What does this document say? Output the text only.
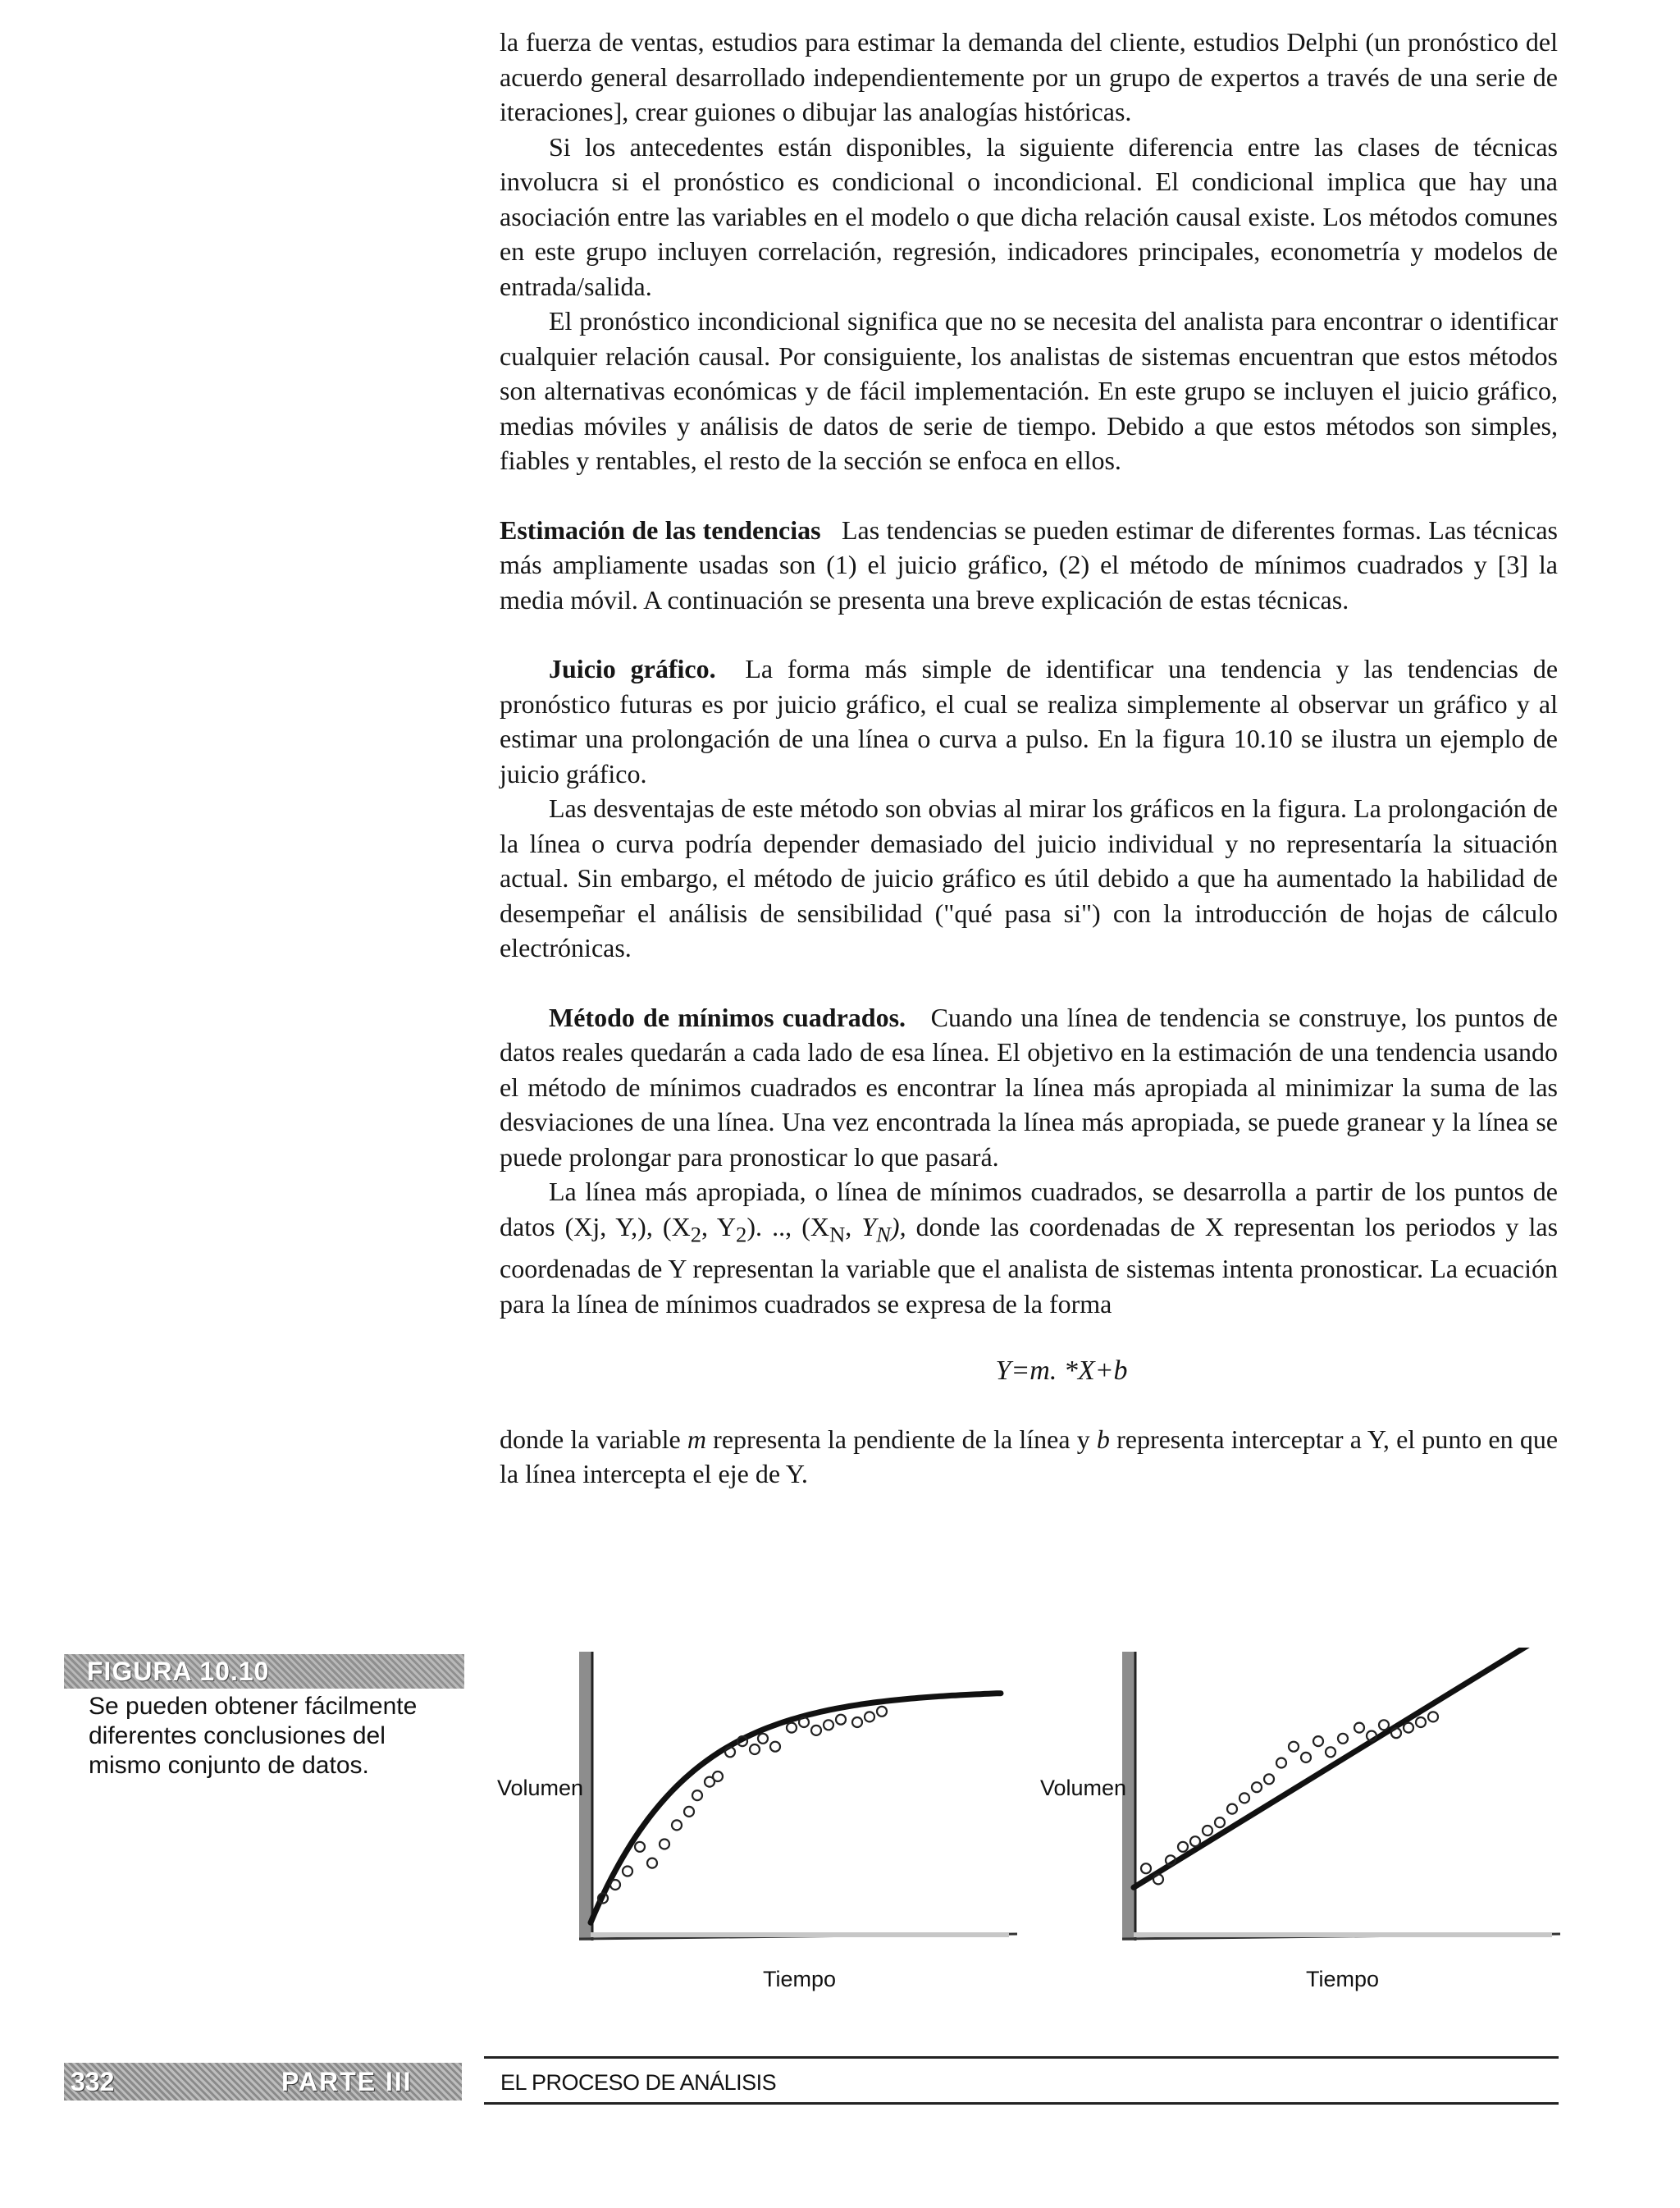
la fuerza de ventas, estudios para estimar la demanda del cliente, estudios Delphi (un pronóstico del acuerdo general desarrollado independientemente por un grupo de expertos a través de una serie de iteraciones], crear guiones o dibujar las analogías históricas.

Si los antecedentes están disponibles, la siguiente diferencia entre las clases de técnicas involucra si el pronóstico es condicional o incondicional. El condicional implica que hay una asociación entre las variables en el modelo o que dicha relación causal existe. Los métodos comunes en este grupo incluyen correlación, regresión, indicadores principales, econometría y modelos de entrada/salida.

El pronóstico incondicional significa que no se necesita del analista para encontrar o identificar cualquier relación causal. Por consiguiente, los analistas de sistemas encuentran que estos métodos son alternativas económicas y de fácil implementación. En este grupo se incluyen el juicio gráfico, medias móviles y análisis de datos de serie de tiempo. Debido a que estos métodos son simples, fiables y rentables, el resto de la sección se enfoca en ellos.

Estimación de las tendencias Las tendencias se pueden estimar de diferentes formas. Las técnicas más ampliamente usadas son (1) el juicio gráfico, (2) el método de mínimos cuadrados y [3] la media móvil. A continuación se presenta una breve explicación de estas técnicas.

Juicio gráfico. La forma más simple de identificar una tendencia y las tendencias de pronóstico futuras es por juicio gráfico, el cual se realiza simplemente al observar un gráfico y al estimar una prolongación de una línea o curva a pulso. En la figura 10.10 se ilustra un ejemplo de juicio gráfico.

Las desventajas de este método son obvias al mirar los gráficos en la figura. La prolongación de la línea o curva podría depender demasiado del juicio individual y no representaría la situación actual. Sin embargo, el método de juicio gráfico es útil debido a que ha aumentado la habilidad de desempeñar el análisis de sensibilidad ("qué pasa si") con la introducción de hojas de cálculo electrónicas.

Método de mínimos cuadrados. Cuando una línea de tendencia se construye, los puntos de datos reales quedarán a cada lado de esa línea. El objetivo en la estimación de una tendencia usando el método de mínimos cuadrados es encontrar la línea más apropiada al minimizar la suma de las desviaciones de una línea. Una vez encontrada la línea más apropiada, se puede granear y la línea se puede prolongar para pronosticar lo que pasará.

La línea más apropiada, o línea de mínimos cuadrados, se desarrolla a partir de los puntos de datos (Xj, Y,), ($X_2$, $Y_2$). .., ($X_N$, $Y_N$), donde las coordenadas de X representan los periodos y las coordenadas de Y representan la variable que el analista de sistemas intenta pronosticar. La ecuación para la línea de mínimos cuadrados se expresa de la forma

Y=m. *X+b

donde la variable m representa la pendiente de la línea y b representa interceptar a Y, el punto en que la línea intercepta el eje de Y.

FIGURA 10.10
Se pueden obtener fácilmente diferentes conclusiones del mismo conjunto de datos.
Volumen
Tiempo
Volumen
Tiempo
332	PARTE III	EL PROCESO DE ANÁLISIS
